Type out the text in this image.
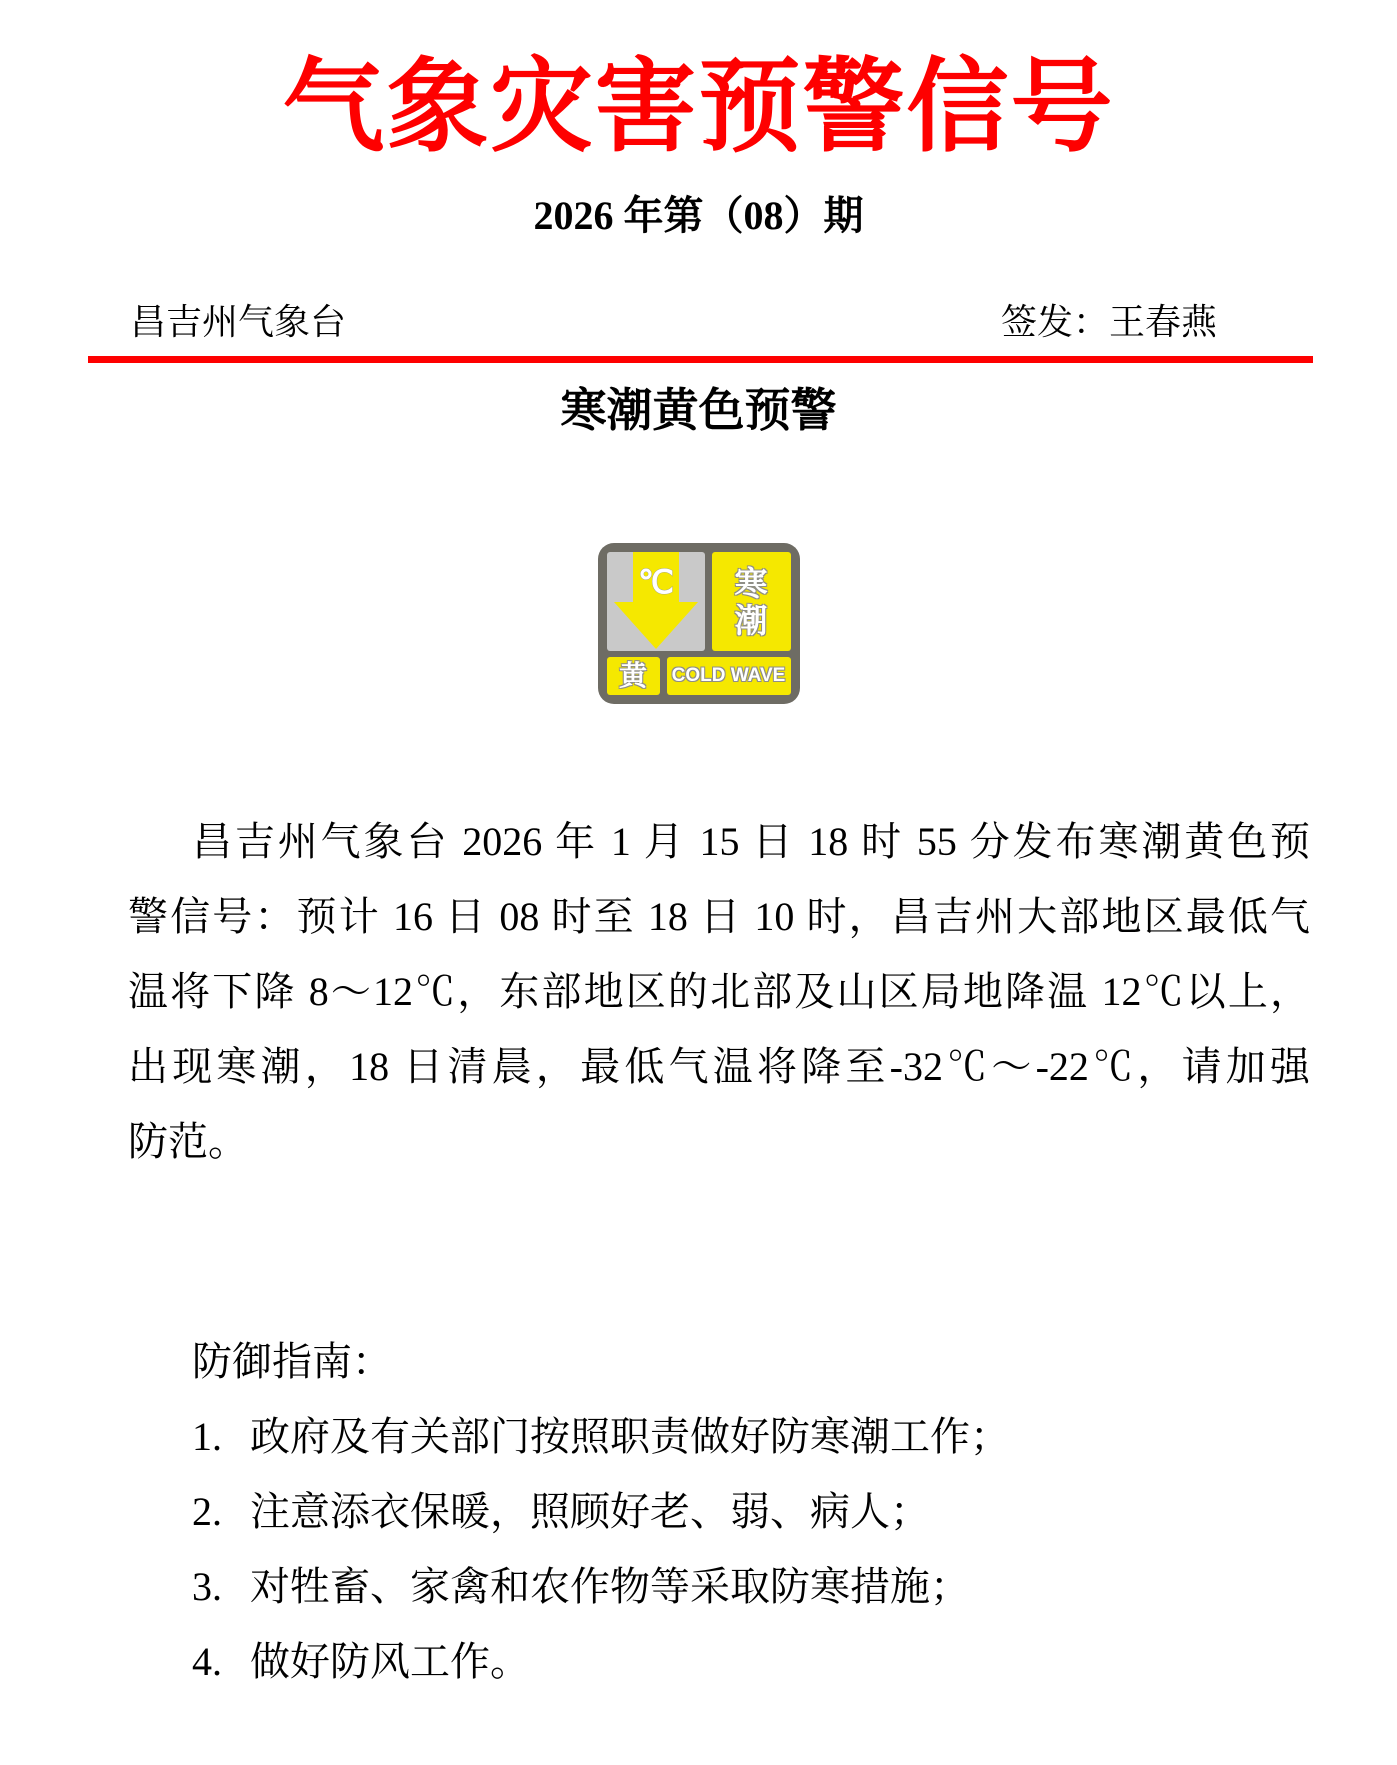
气象灾害预警信号
2026 年第（08）期
昌吉州气象台	签发：王春燕
寒潮黄色预警
℃ 寒
潮
黄 COLD WAVE
昌吉州气象台 2026 年 1 月 15 日 18 时 55 分发布寒潮黄色预
警信号：预计 16 日 08 时至 18 日 10 时，昌吉州大部地区最低气
温将下降 8～12℃，东部地区的北部及山区局地降温 12℃以上，
出现寒潮，18 日清晨，最低气温将降至-32℃～-22℃，请加强
防范。
防御指南：
1. 政府及有关部门按照职责做好防寒潮工作；
2. 注意添衣保暖，照顾好老、弱、病人；
3. 对牲畜、家禽和农作物等采取防寒措施；
4. 做好防风工作。
